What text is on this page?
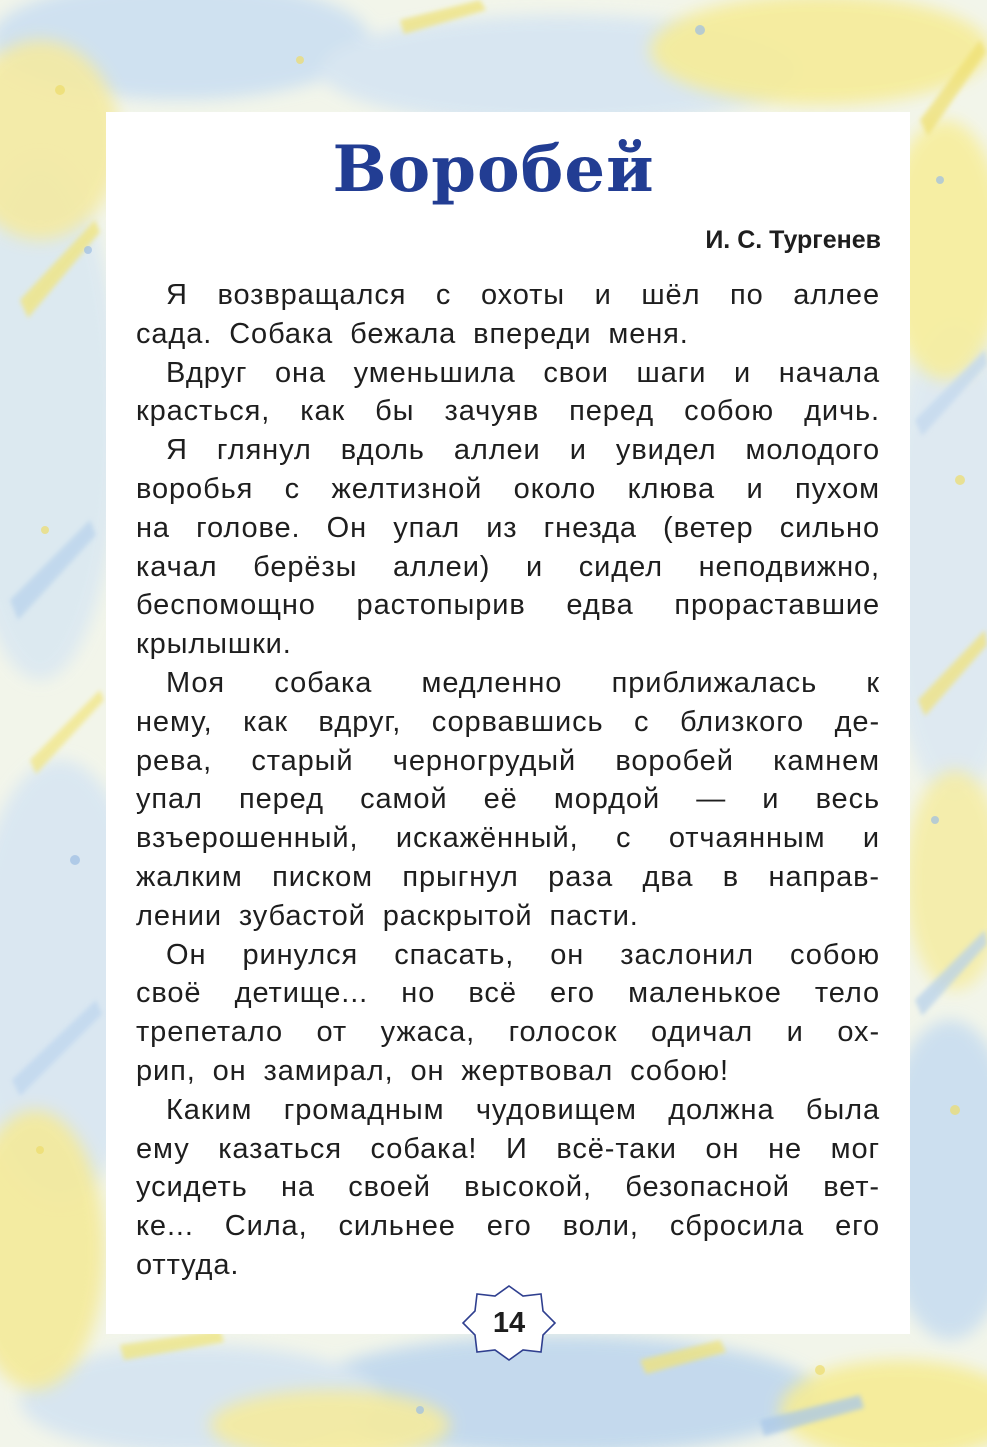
Воробей

И. С. Тургенев

Я возвращался с охоты и шёл по аллее
сада. Собака бежала впереди меня.
Вдруг она уменьшила свои шаги и начала
красться, как бы зачуяв перед собою дичь.
Я глянул вдоль аллеи и увидел молодого
воробья с желтизной около клюва и пухом
на голове. Он упал из гнезда (ветер сильно
качал берёзы аллеи) и сидел неподвижно,
беспомощно растопырив едва прораставшие
крылышки.
Моя собака медленно приближалась к
нему, как вдруг, сорвавшись с близкого де-
рева, старый черногрудый воробей камнем
упал перед самой её мордой — и весь
взъерошенный, искажённый, с отчаянным и
жалким писком прыгнул раза два в направ-
лении зубастой раскрытой пасти.
Он ринулся спасать, он заслонил собою
своё детище... но всё его маленькое тело
трепетало от ужаса, голосок одичал и ох-
рип, он замирал, он жертвовал собою!
Каким громадным чудовищем должна была
ему казаться собака! И всё-таки он не мог
усидеть на своей высокой, безопасной вет-
ке... Сила, сильнее его воли, сбросила его
оттуда.
14
